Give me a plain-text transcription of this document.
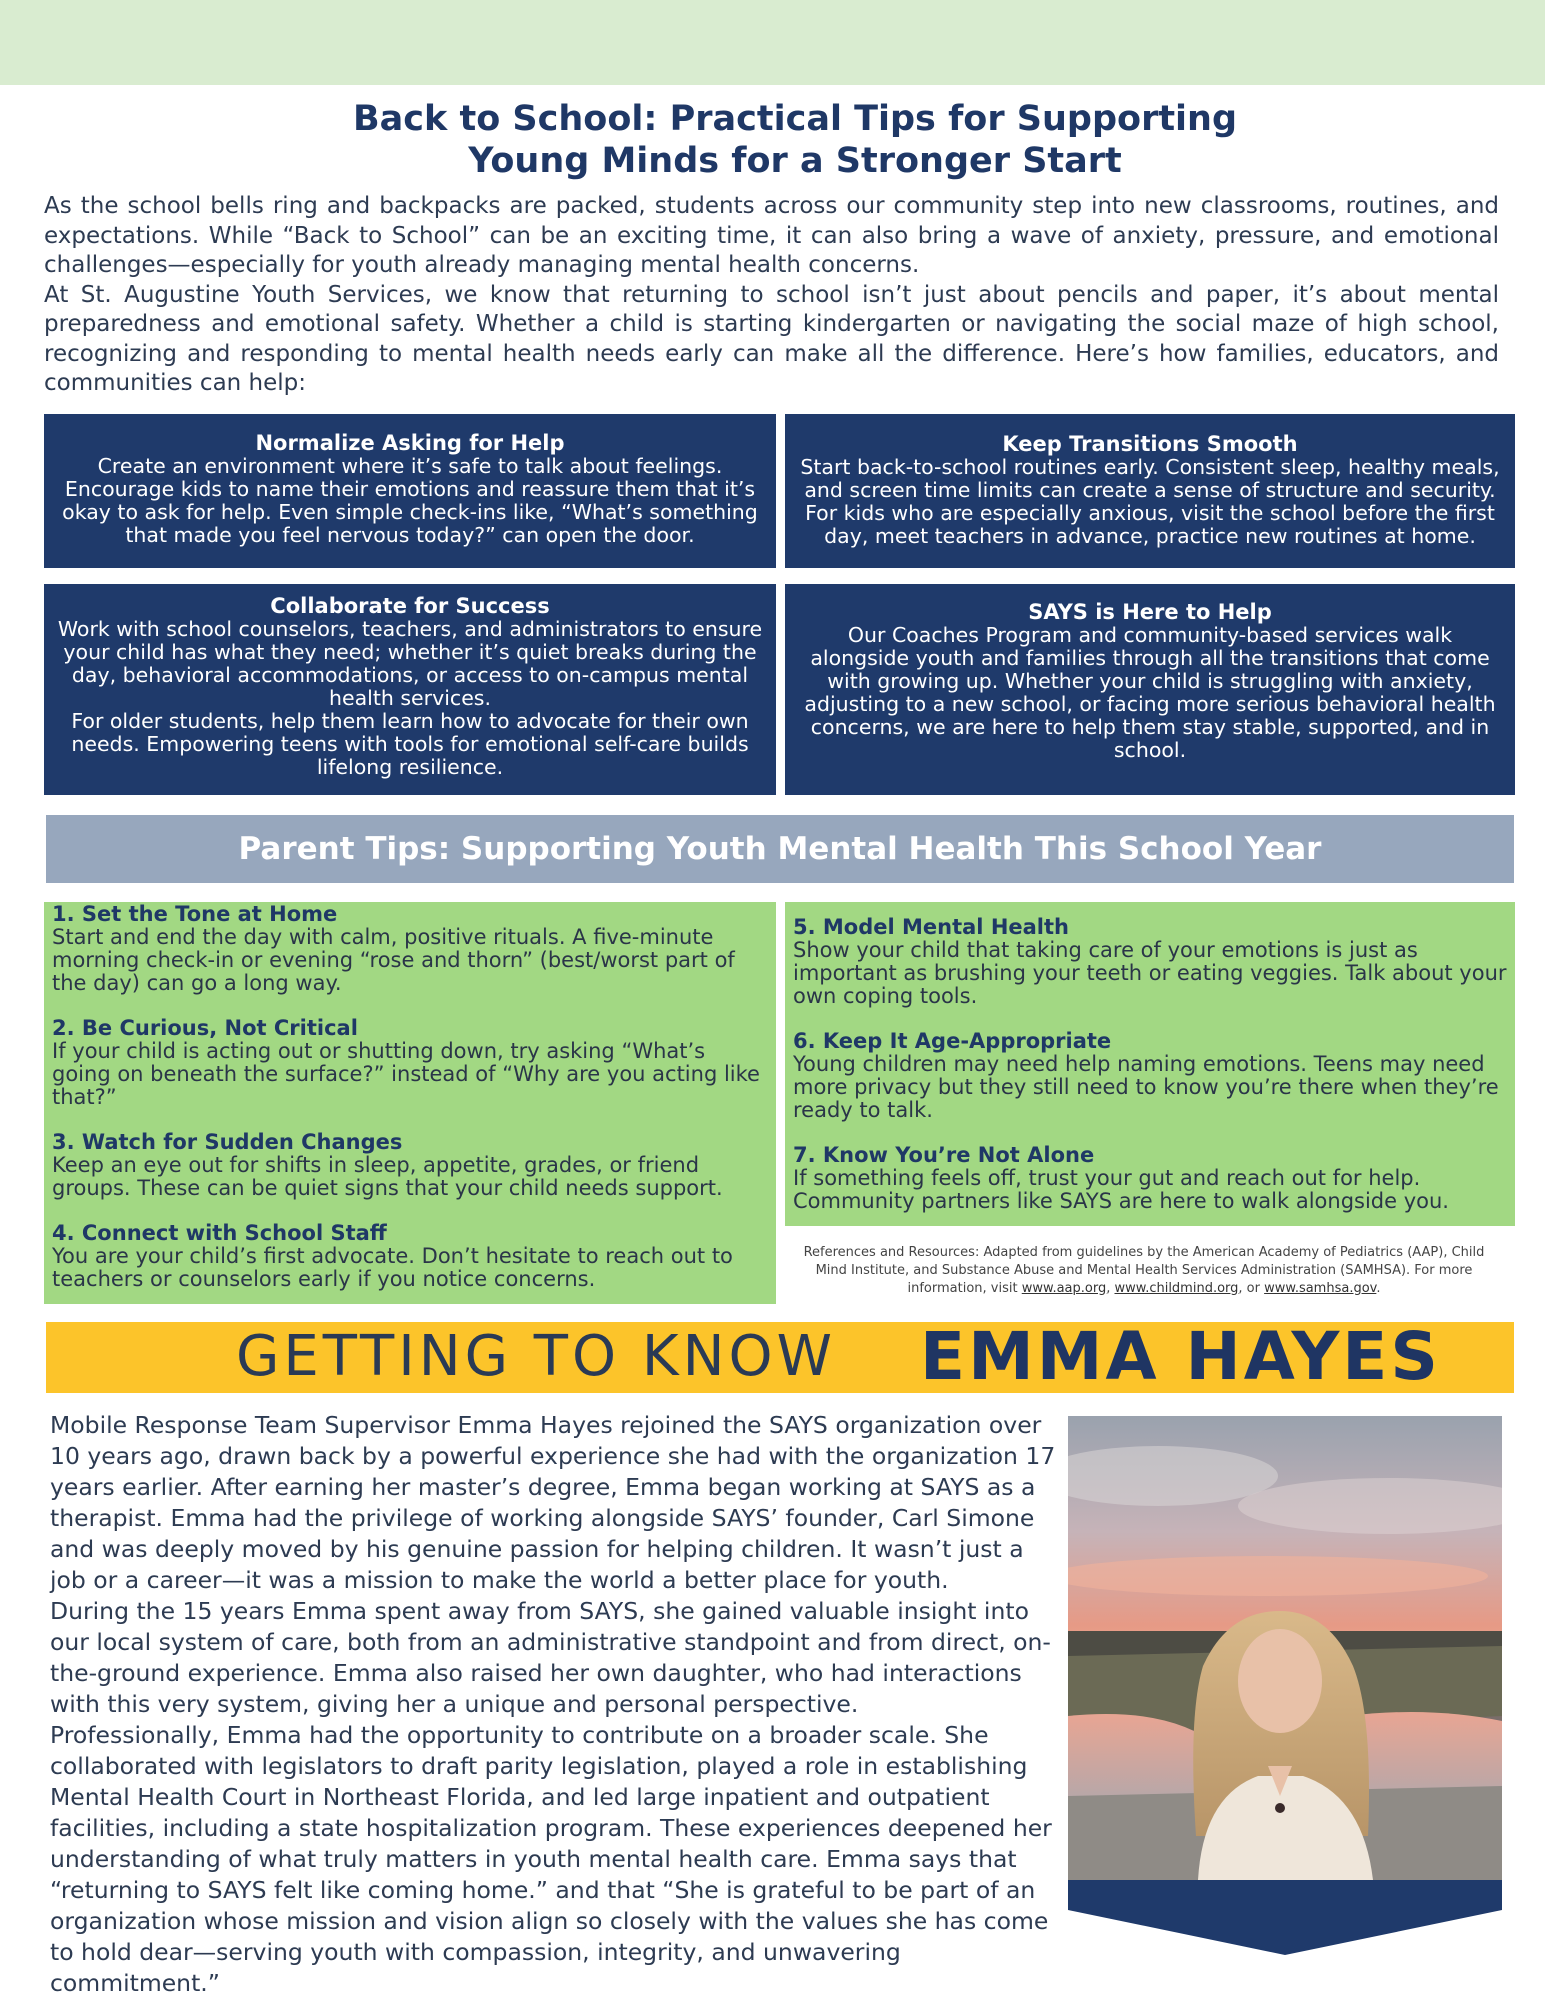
Back to School: Practical Tips for Supporting
Young Minds for a Stronger Start

As the school bells ring and backpacks are packed, students across our community step into new classrooms, routines, and expectations. While “Back to School” can be an exciting time, it can also bring a wave of anxiety, pressure, and emotional challenges—especially for youth already managing mental health concerns.

At St. Augustine Youth Services, we know that returning to school isn’t just about pencils and paper, it’s about mental preparedness and emotional safety. Whether a child is starting kindergarten or navigating the social maze of high school, recognizing and responding to mental health needs early can make all the difference. Here’s how families, educators, and communities can help:

Normalize Asking for Help

Create an environment where it’s safe to talk about feelings. Encourage kids to name their emotions and reassure them that it’s okay to ask for help. Even simple check-ins like, “What’s something that made you feel nervous today?” can open the door.

Keep Transitions Smooth

Start back-to-school routines early. Consistent sleep, healthy meals, and screen time limits can create a sense of structure and security. For kids who are especially anxious, visit the school before the first day, meet teachers in advance, practice new routines at home.

Collaborate for Success

Work with school counselors, teachers, and administrators to ensure your child has what they need; whether it’s quiet breaks during the day, behavioral accommodations, or access to on-campus mental health services.

For older students, help them learn how to advocate for their own needs. Empowering teens with tools for emotional self-care builds lifelong resilience.

SAYS is Here to Help

Our Coaches Program and community-based services walk alongside youth and families through all the transitions that come with growing up. Whether your child is struggling with anxiety, adjusting to a new school, or facing more serious behavioral health concerns, we are here to help them stay stable, supported, and in school.

Parent Tips: Supporting Youth Mental Health This School Year
1. Set the Tone at Home

Start and end the day with calm, positive rituals. A five-minute morning check-in or evening “rose and thorn” (best/worst part of the day) can go a long way.

2. Be Curious, Not Critical

If your child is acting out or shutting down, try asking “What’s going on beneath the surface?” instead of “Why are you acting like that?”

3. Watch for Sudden Changes

Keep an eye out for shifts in sleep, appetite, grades, or friend groups. These can be quiet signs that your child needs support.

4. Connect with School Staff

You are your child’s first advocate. Don’t hesitate to reach out to teachers or counselors early if you notice concerns.

5. Model Mental Health

Show your child that taking care of your emotions is just as important as brushing your teeth or eating veggies. Talk about your own coping tools.

6. Keep It Age-Appropriate

Young children may need help naming emotions. Teens may need more privacy but they still need to know you’re there when they’re ready to talk.

7. Know You’re Not Alone

If something feels off, trust your gut and reach out for help. Community partners like SAYS are here to walk alongside you.

References and Resources: Adapted from guidelines by the American Academy of Pediatrics (AAP), Child Mind Institute, and Substance Abuse and Mental Health Services Administration (SAMHSA). For more information, visit www.aap.org, www.childmind.org, or www.samhsa.gov.

GETTING TO KNOW EMMA HAYES

Mobile Response Team Supervisor Emma Hayes rejoined the SAYS organization over 10 years ago, drawn back by a powerful experience she had with the organization 17 years earlier. After earning her master’s degree, Emma began working at SAYS as a therapist. Emma had the privilege of working alongside SAYS’ founder, Carl Simone and was deeply moved by his genuine passion for helping children. It wasn’t just a job or a career—it was a mission to make the world a better place for youth.

During the 15 years Emma spent away from SAYS, she gained valuable insight into our local system of care, both from an administrative standpoint and from direct, on-the-ground experience. Emma also raised her own daughter, who had interactions with this very system, giving her a unique and personal perspective.

Professionally, Emma had the opportunity to contribute on a broader scale. She collaborated with legislators to draft parity legislation, played a role in establishing Mental Health Court in Northeast Florida, and led large inpatient and outpatient facilities, including a state hospitalization program. These experiences deepened her understanding of what truly matters in youth mental health care. Emma says that “returning to SAYS felt like coming home.” and that “She is grateful to be part of an organization whose mission and vision align so closely with the values she has come to hold dear—serving youth with compassion, integrity, and unwavering commitment.”
